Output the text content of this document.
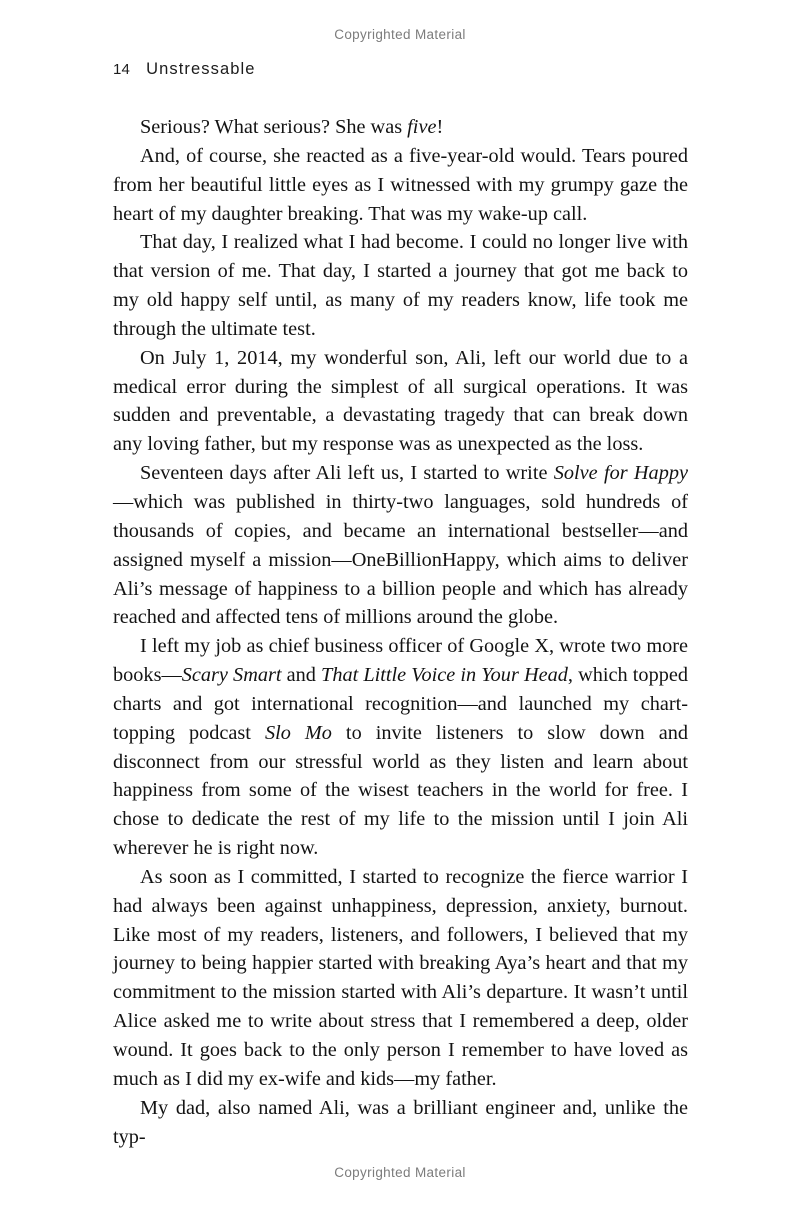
Copyrighted Material
14 Unstressable

Serious? What serious? She was five!

And, of course, she reacted as a five-year-old would. Tears poured from her beautiful little eyes as I witnessed with my grumpy gaze the heart of my daughter breaking. That was my wake-up call.

That day, I realized what I had become. I could no longer live with that version of me. That day, I started a journey that got me back to my old happy self until, as many of my readers know, life took me through the ultimate test.

On July 1, 2014, my wonderful son, Ali, left our world due to a medical error during the simplest of all surgical operations. It was sudden and preventable, a devastating tragedy that can break down any loving father, but my response was as unexpected as the loss.

Seventeen days after Ali left us, I started to write Solve for Happy—which was published in thirty-two languages, sold hundreds of thousands of copies, and became an international bestseller—and assigned myself a mission—OneBillionHappy, which aims to deliver Ali’s message of happiness to a billion people and which has already reached and affected tens of millions around the globe.

I left my job as chief business officer of Google X, wrote two more books—Scary Smart and That Little Voice in Your Head, which topped charts and got international recognition—and launched my chart-topping podcast Slo Mo to invite listeners to slow down and disconnect from our stressful world as they listen and learn about happiness from some of the wisest teachers in the world for free. I chose to dedicate the rest of my life to the mission until I join Ali wherever he is right now.

As soon as I committed, I started to recognize the fierce warrior I had always been against unhappiness, depression, anxiety, burnout. Like most of my readers, listeners, and followers, I believed that my journey to being happier started with breaking Aya’s heart and that my commitment to the mission started with Ali’s departure. It wasn’t until Alice asked me to write about stress that I remembered a deep, older wound. It goes back to the only person I remember to have loved as much as I did my ex-wife and kids—my father.

My dad, also named Ali, was a brilliant engineer and, unlike the typ-

Copyrighted Material
